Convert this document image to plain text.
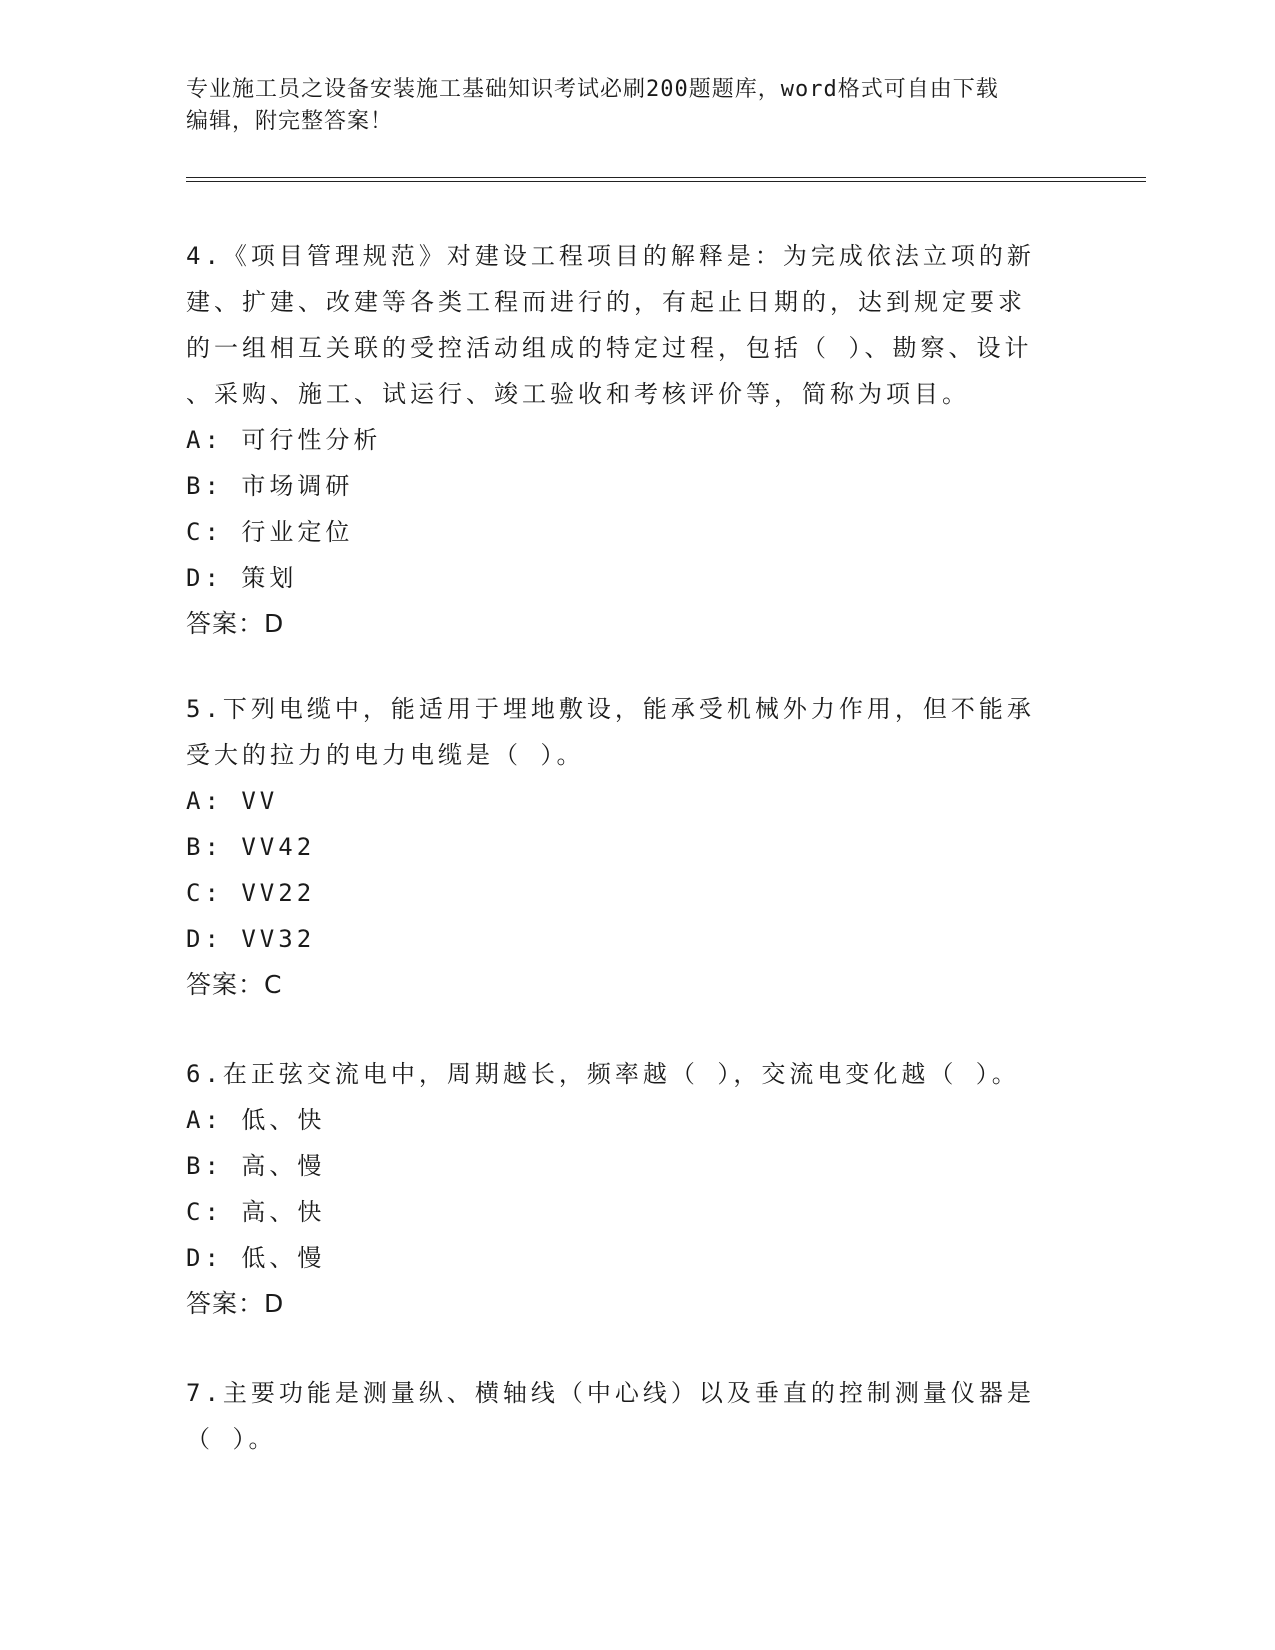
专业施工员之设备安装施工基础知识考试必刷200题题库，word格式可自由下载
编辑，附完整答案！

4.《项目管理规范》对建设工程项目的解释是：为完成依法立项的新

建、扩建、改建等各类工程而进行的，有起止日期的，达到规定要求

的一组相互关联的受控活动组成的特定过程，包括（ ）、勘察、设计

、采购、施工、试运行、竣工验收和考核评价等，简称为项目。

A: 可行性分析

B: 市场调研

C: 行业定位

D: 策划

答案：D

5.下列电缆中，能适用于埋地敷设，能承受机械外力作用，但不能承

受大的拉力的电力电缆是（ ）。

A: VV

B: VV42

C: VV22

D: VV32

答案：C

6.在正弦交流电中，周期越长，频率越（ ），交流电变化越（ ）。

A: 低、快

B: 高、慢

C: 高、快

D: 低、慢

答案：D

7.主要功能是测量纵、横轴线（中心线）以及垂直的控制测量仪器是

（ ）。
